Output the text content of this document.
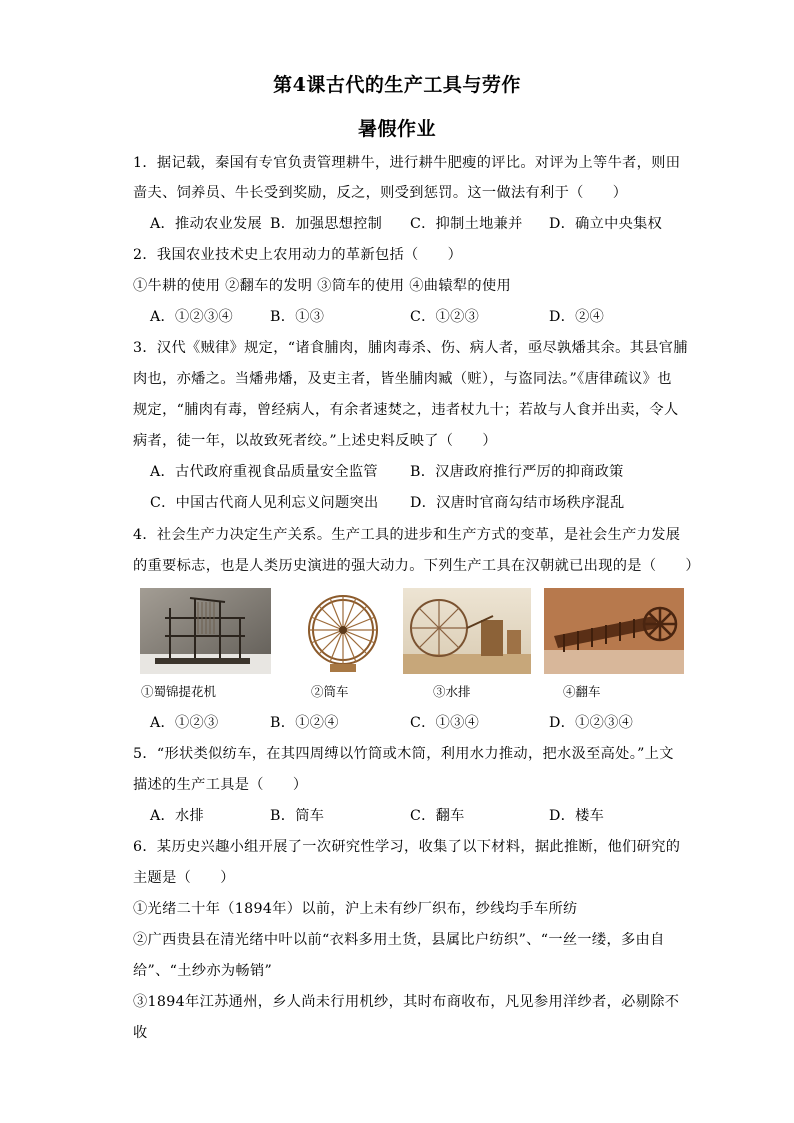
第4课古代的生产工具与劳作
暑假作业
1．据记载，秦国有专官负责管理耕牛，进行耕牛肥瘦的评比。对评为上等牛者，则田
啬夫、饲养员、牛长受到奖励，反之，则受到惩罚。这一做法有利于（　　）
A．推动农业发展 B．加强思想控制 C．抑制土地兼并 D．确立中央集权
2．我国农业技术史上农用动力的革新包括（　　）
①牛耕的使用 ②翻车的发明 ③筒车的使用 ④曲辕犁的使用
A．①②③④	B．①③	C．①②③	D．②④
3．汉代《贼律》规定，“诸食脯肉，脯肉毒杀、伤、病人者，亟尽孰燔其余。其县官脯
肉也，亦燔之。当燔弗燔，及吏主者，皆坐脯肉臧（赃），与盗同法。”《唐律疏议》也
规定，“脯肉有毒，曾经病人，有余者速焚之，违者杖九十；若故与人食并出卖，令人
病者，徒一年，以故致死者绞。”上述史料反映了（　　）
A．古代政府重视食品质量安全监管 B．汉唐政府推行严厉的抑商政策
C．中国古代商人见利忘义问题突出 D．汉唐时官商勾结市场秩序混乱
4．社会生产力决定生产关系。生产工具的进步和生产方式的变革，是社会生产力发展
的重要标志，也是人类历史演进的强大动力。下列生产工具在汉朝就已出现的是（　　）
①蜀锦提花机	②筒车	③水排	④翻车
A．①②③	B．①②④	C．①③④	D．①②③④
5．“形状类似纺车，在其四周缚以竹筒或木筒，利用水力推动，把水汲至高处。”上文
描述的生产工具是（　　）
A．水排	B．筒车	C．翻车	D．楼车
6．某历史兴趣小组开展了一次研究性学习，收集了以下材料，据此推断，他们研究的
主题是（　　）
①光绪二十年（1894年）以前，沪上未有纱厂织布，纱线均手车所纺
②广西贵县在清光绪中叶以前“衣料多用土货，县属比户纺织”、“一丝一缕，多由自
给”、“土纱亦为畅销”
③1894年江苏通州，乡人尚未行用机纱，其时布商收布，凡见参用洋纱者，必剔除不
收
